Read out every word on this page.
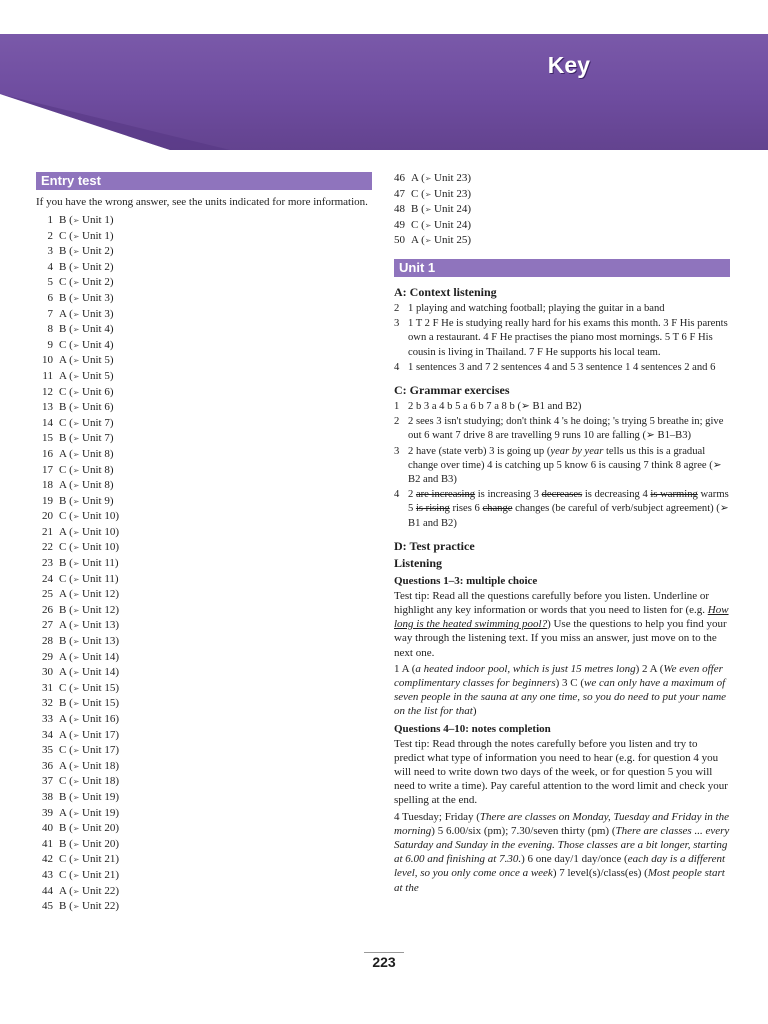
Key
Entry test

If you have the wrong answer, see the units indicated for more information.

1 B (➢ Unit 1)
2 C (➢ Unit 1)
3 B (➢ Unit 2)
4 B (➢ Unit 2)
5 C (➢ Unit 2)
6 B (➢ Unit 3)
7 A (➢ Unit 3)
8 B (➢ Unit 4)
9 C (➢ Unit 4)
10 A (➢ Unit 5)
11 A (➢ Unit 5)
12 C (➢ Unit 6)
13 B (➢ Unit 6)
14 C (➢ Unit 7)
15 B (➢ Unit 7)
16 A (➢ Unit 8)
17 C (➢ Unit 8)
18 A (➢ Unit 8)
19 B (➢ Unit 9)
20 C (➢ Unit 10)
21 A (➢ Unit 10)
22 C (➢ Unit 10)
23 B (➢ Unit 11)
24 C (➢ Unit 11)
25 A (➢ Unit 12)
26 B (➢ Unit 12)
27 A (➢ Unit 13)
28 B (➢ Unit 13)
29 A (➢ Unit 14)
30 A (➢ Unit 14)
31 C (➢ Unit 15)
32 B (➢ Unit 15)
33 A (➢ Unit 16)
34 A (➢ Unit 17)
35 C (➢ Unit 17)
36 A (➢ Unit 18)
37 C (➢ Unit 18)
38 B (➢ Unit 19)
39 A (➢ Unit 19)
40 B (➢ Unit 20)
41 B (➢ Unit 20)
42 C (➢ Unit 21)
43 C (➢ Unit 21)
44 A (➢ Unit 22)
45 B (➢ Unit 22)
46 A (➢ Unit 23)
47 C (➢ Unit 23)
48 B (➢ Unit 24)
49 C (➢ Unit 24)
50 A (➢ Unit 25)
Unit 1
A: Context listening
2 1 playing and watching football; playing the guitar in a band
3 1 T 2 F He is studying really hard for his exams this month. 3 F His parents own a restaurant. 4 F He practises the piano most mornings. 5 T 6 F His cousin is living in Thailand. 7 F He supports his local team.
4 1 sentences 3 and 7 2 sentences 4 and 5 3 sentence 1 4 sentences 2 and 6
C: Grammar exercises
1 2 b 3 a 4 b 5 a 6 b 7 a 8 b (➢ B1 and B2)
2 2 sees 3 isn't studying; don't think 4 's he doing; 's trying 5 breathe in; give out 6 want 7 drive 8 are travelling 9 runs 10 are falling (➢ B1–B3)
3 2 have (state verb) 3 is going up (year by year tells us this is a gradual change over time) 4 is catching up 5 know 6 is causing 7 think 8 agree (➢ B2 and B3)
4 2 are increasing is increasing 3 decreases is decreasing 4 is warming warms 5 is rising rises 6 change changes (be careful of verb/subject agreement) (➢ B1 and B2)
D: Test practice
Listening
Questions 1–3: multiple choice

Test tip: Read all the questions carefully before you listen. Underline or highlight any key information or words that you need to listen for (e.g. How long is the heated swimming pool?) Use the questions to help you find your way through the listening text. If you miss an answer, just move on to the next one.

1 A (a heated indoor pool, which is just 15 metres long) 2 A (We even offer complimentary classes for beginners) 3 C (we can only have a maximum of seven people in the sauna at any one time, so you do need to put your name on the list for that)

Questions 4–10: notes completion

Test tip: Read through the notes carefully before you listen and try to predict what type of information you need to hear (e.g. for question 4 you will need to write down two days of the week, or for question 5 you will need to write a time). Pay careful attention to the word limit and check your spelling at the end.

4 Tuesday; Friday (There are classes on Monday, Tuesday and Friday in the morning) 5 6.00/six (pm); 7.30/seven thirty (pm) (There are classes ... every Saturday and Sunday in the evening. Those classes are a bit longer, starting at 6.00 and finishing at 7.30.) 6 one day/1 day/once (each day is a different level, so you only come once a week) 7 level(s)/class(es) (Most people start at the

223
